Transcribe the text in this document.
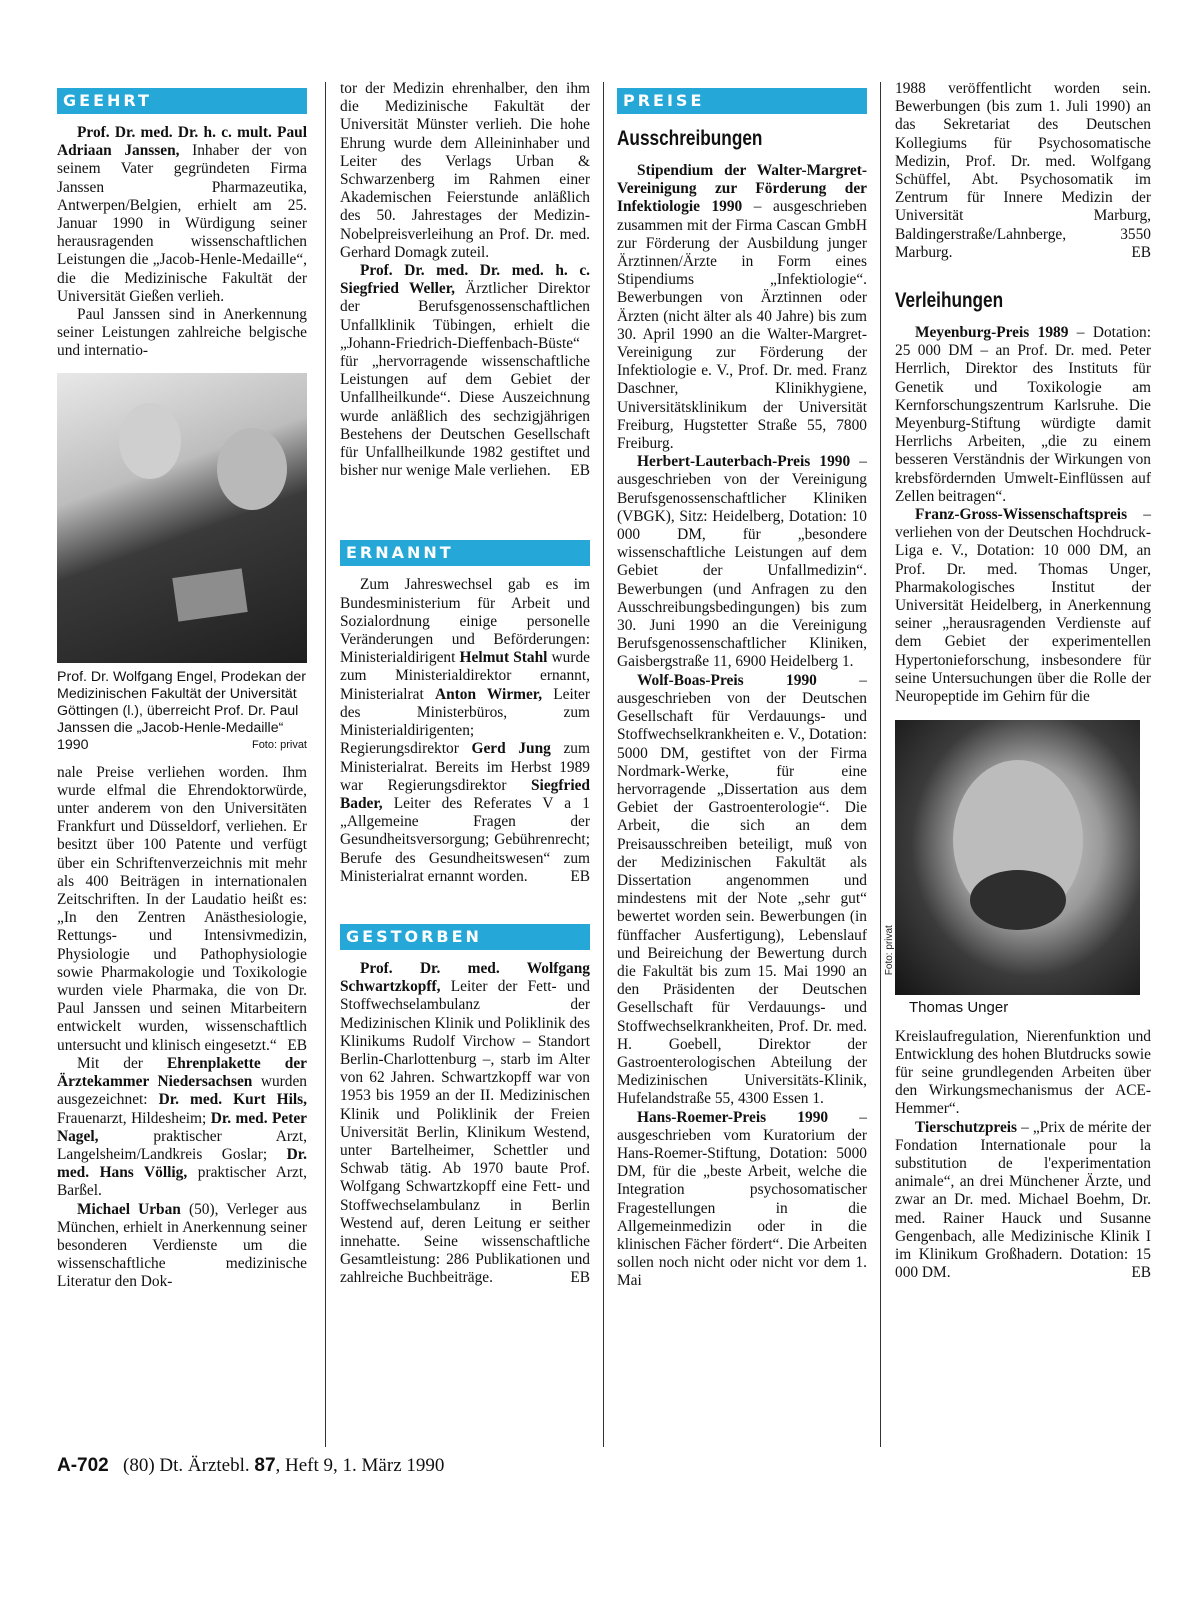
GEEHRT

Prof. Dr. med. Dr. h. c. mult. Paul Adriaan Janssen, Inhaber der von seinem Vater gegründeten Firma Janssen Pharmazeutika, Antwerpen/Belgien, erhielt am 25. Januar 1990 in Würdigung seiner herausragenden wissenschaftlichen Leistungen die „Jacob-Henle-Medaille“, die die Medizinische Fakultät der Universität Gießen verlieh.

Paul Janssen sind in Anerkennung seiner Leistungen zahlreiche belgische und internatio-

Prof. Dr. Wolfgang Engel, Prodekan der Medizinischen Fakultät der Universität Göttingen (l.), überreicht Prof. Dr. Paul Janssen die „Jacob-Henle-Medaille“ 1990	Foto: privat

nale Preise verliehen worden. Ihm wurde elfmal die Ehrendoktorwürde, unter anderem von den Universitäten Frankfurt und Düsseldorf, verliehen. Er besitzt über 100 Patente und verfügt über ein Schriftenverzeichnis mit mehr als 400 Beiträgen in internationalen Zeitschriften. In der Laudatio heißt es: „In den Zentren Anästhesiologie, Rettungs- und Intensivmedizin, Physiologie und Pathophysiologie sowie Pharmakologie und Toxikologie wurden viele Pharmaka, die von Dr. Paul Janssen und seinen Mitarbeitern entwickelt wurden, wissenschaftlich untersucht und klinisch eingesetzt.“ EB

Mit der Ehrenplakette der Ärztekammer Niedersachsen wurden ausgezeichnet: Dr. med. Kurt Hils, Frauenarzt, Hildesheim; Dr. med. Peter Nagel, praktischer Arzt, Langelsheim/Landkreis Goslar; Dr. med. Hans Völlig, praktischer Arzt, Barßel.

Michael Urban (50), Verleger aus München, erhielt in Anerkennung seiner besonderen Verdienste um die wissenschaftliche medizinische Literatur den Dok-

tor der Medizin ehrenhalber, den ihm die Medizinische Fakultät der Universität Münster verlieh. Die hohe Ehrung wurde dem Alleininhaber und Leiter des Verlags Urban & Schwarzenberg im Rahmen einer Akademischen Feierstunde anläßlich des 50. Jahrestages der Medizin-Nobelpreisverleihung an Prof. Dr. med. Gerhard Domagk zuteil.

Prof. Dr. med. Dr. med. h. c. Siegfried Weller, Ärztlicher Direktor der Berufsgenossenschaftlichen Unfallklinik Tübingen, erhielt die „Johann-Friedrich-Dieffenbach-Büste“ für „hervorragende wissenschaftliche Leistungen auf dem Gebiet der Unfallheilkunde“. Diese Auszeichnung wurde anläßlich des sechzigjährigen Bestehens der Deutschen Gesellschaft für Unfallheilkunde 1982 gestiftet und bisher nur wenige Male verliehen. EB

ERNANNT

Zum Jahreswechsel gab es im Bundesministerium für Arbeit und Sozialordnung einige personelle Veränderungen und Beförderungen: Ministerialdirigent Helmut Stahl wurde zum Ministerialdirektor ernannt, Ministerialrat Anton Wirmer, Leiter des Ministerbüros, zum Ministerialdirigenten; Regierungsdirektor Gerd Jung zum Ministerialrat. Bereits im Herbst 1989 war Regierungsdirektor Siegfried Bader, Leiter des Referates V a 1 „Allgemeine Fragen der Gesundheitsversorgung; Gebührenrecht; Berufe des Gesundheitswesen“ zum Ministerialrat ernannt worden.	EB

GESTORBEN

Prof. Dr. med. Wolfgang Schwartzkopff, Leiter der Fett- und Stoffwechselambulanz der Medizinischen Klinik und Poliklinik des Klinikums Rudolf Virchow – Standort Berlin-Charlottenburg –, starb im Alter von 62 Jahren. Schwartzkopff war von 1953 bis 1959 an der II. Medizinischen Klinik und Poliklinik der Freien Universität Berlin, Klinikum Westend, unter Bartelheimer, Schettler und Schwab tätig. Ab 1970 baute Prof. Wolfgang Schwartzkopff eine Fett- und Stoffwechselambulanz in Berlin Westend auf, deren Leitung er seither innehatte. Seine wissenschaftliche Gesamtleistung: 286 Publikationen und zahlreiche Buchbeiträge.	EB

PREISE
Ausschreibungen

Stipendium der Walter-Margret-Vereinigung zur Förderung der Infektiologie 1990 – ausgeschrieben zusammen mit der Firma Cascan GmbH zur Förderung der Ausbildung junger Ärztinnen/Ärzte in Form eines Stipendiums „Infektiologie“. Bewerbungen von Ärztinnen oder Ärzten (nicht älter als 40 Jahre) bis zum 30. April 1990 an die Walter-Margret-Vereinigung zur Förderung der Infektiologie e. V., Prof. Dr. med. Franz Daschner, Klinikhygiene, Universitätsklinikum der Universität Freiburg, Hugstetter Straße 55, 7800 Freiburg.

Herbert-Lauterbach-Preis 1990 – ausgeschrieben von der Vereinigung Berufsgenossenschaftlicher Kliniken (VBGK), Sitz: Heidelberg, Dotation: 10 000 DM, für „besondere wissenschaftliche Leistungen auf dem Gebiet der Unfallmedizin“. Bewerbungen (und Anfragen zu den Ausschreibungsbedingungen) bis zum 30. Juni 1990 an die Vereinigung Berufsgenossenschaftlicher Kliniken, Gaisbergstraße 11, 6900 Heidelberg 1.

Wolf-Boas-Preis 1990 – ausgeschrieben von der Deutschen Gesellschaft für Verdauungs- und Stoffwechselkrankheiten e. V., Dotation: 5000 DM, gestiftet von der Firma Nordmark-Werke, für eine hervorragende „Dissertation aus dem Gebiet der Gastroenterologie“. Die Arbeit, die sich an dem Preisausschreiben beteiligt, muß von der Medizinischen Fakultät als Dissertation angenommen und mindestens mit der Note „sehr gut“ bewertet worden sein. Bewerbungen (in fünffacher Ausfertigung), Lebenslauf und Beireichung der Bewertung durch die Fakultät bis zum 15. Mai 1990 an den Präsidenten der Deutschen Gesellschaft für Verdauungs- und Stoffwechselkrankheiten, Prof. Dr. med. H. Goebell, Direktor der Gastroenterologischen Abteilung der Medizinischen Universitäts-Klinik, Hufelandstraße 55, 4300 Essen 1.

Hans-Roemer-Preis 1990 – ausgeschrieben vom Kuratorium der Hans-Roemer-Stiftung, Dotation: 5000 DM, für die „beste Arbeit, welche die Integration psychosomatischer Fragestellungen in die Allgemeinmedizin oder in die klinischen Fächer fördert“. Die Arbeiten sollen noch nicht oder nicht vor dem 1. Mai

1988 veröffentlicht worden sein. Bewerbungen (bis zum 1. Juli 1990) an das Sekretariat des Deutschen Kollegiums für Psychosomatische Medizin, Prof. Dr. med. Wolfgang Schüffel, Abt. Psychosomatik im Zentrum für Innere Medizin der Universität Marburg, Baldingerstraße/Lahnberge, 3550 Marburg.	EB

Verleihungen

Meyenburg-Preis 1989 – Dotation: 25 000 DM – an Prof. Dr. med. Peter Herrlich, Direktor des Instituts für Genetik und Toxikologie am Kernforschungszentrum Karlsruhe. Die Meyenburg-Stiftung würdigte damit Herrlichs Arbeiten, „die zu einem besseren Verständnis der Wirkungen von krebsfördernden Umwelt-Einflüssen auf Zellen beitragen“.

Franz-Gross-Wissenschaftspreis – verliehen von der Deutschen Hochdruck-Liga e. V., Dotation: 10 000 DM, an Prof. Dr. med. Thomas Unger, Pharmakologisches Institut der Universität Heidelberg, in Anerkennung seiner „herausragenden Verdienste auf dem Gebiet der experimentellen Hypertonieforschung, insbesondere für seine Untersuchungen über die Rolle der Neuropeptide im Gehirn für die

Foto: privat
Thomas Unger

Kreislaufregulation, Nierenfunktion und Entwicklung des hohen Blutdrucks sowie für seine grundlegenden Arbeiten über den Wirkungsmechanismus der ACE-Hemmer“.

Tierschutzpreis – „Prix de mérite der Fondation Internationale pour la substitution de l'experimentation animale“, an drei Münchener Ärzte, und zwar an Dr. med. Michael Boehm, Dr. med. Rainer Hauck und Susanne Gengenbach, alle Medizinische Klinik I im Klinikum Großhadern. Dotation: 15 000 DM.	EB

A-702 (80) Dt. Ärztebl. 87, Heft 9, 1. März 1990
